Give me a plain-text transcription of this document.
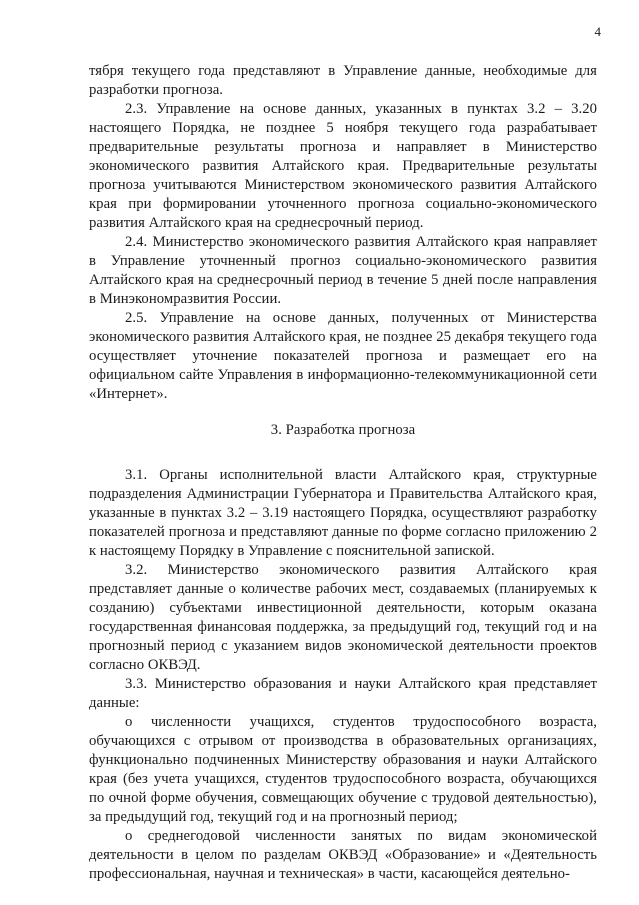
4

тября текущего года представляют в Управление данные, необходимые для разработки прогноза.

2.3. Управление на основе данных, указанных в пунктах 3.2 – 3.20 настоящего Порядка, не позднее 5 ноября текущего года разрабатывает предварительные результаты прогноза и направляет в Министерство экономического развития Алтайского края. Предварительные результаты прогноза учитываются Министерством экономического развития Алтайского края при формировании уточненного прогноза социально-экономического развития Алтайского края на среднесрочный период.

2.4. Министерство экономического развития Алтайского края направляет в Управление уточненный прогноз социально-экономического развития Алтайского края на среднесрочный период в течение 5 дней после направления в Минэкономразвития России.

2.5. Управление на основе данных, полученных от Министерства экономического развития Алтайского края, не позднее 25 декабря текущего года осуществляет уточнение показателей прогноза и размещает его на официальном сайте Управления в информационно-телекоммуникационной сети «Интернет».

3. Разработка прогноза

3.1. Органы исполнительной власти Алтайского края, структурные подразделения Администрации Губернатора и Правительства Алтайского края, указанные в пунктах 3.2 – 3.19 настоящего Порядка, осуществляют разработку показателей прогноза и представляют данные по форме согласно приложению 2 к настоящему Порядку в Управление с пояснительной запиской.

3.2. Министерство экономического развития Алтайского края представляет данные о количестве рабочих мест, создаваемых (планируемых к созданию) субъектами инвестиционной деятельности, которым оказана государственная финансовая поддержка, за предыдущий год, текущий год и на прогнозный период с указанием видов экономической деятельности проектов согласно ОКВЭД.

3.3. Министерство образования и науки Алтайского края представляет данные:

о численности учащихся, студентов трудоспособного возраста, обучающихся с отрывом от производства в образовательных организациях, функционально подчиненных Министерству образования и науки Алтайского края (без учета учащихся, студентов трудоспособного возраста, обучающихся по очной форме обучения, совмещающих обучение с трудовой деятельностью), за предыдущий год, текущий год и на прогнозный период;

о среднегодовой численности занятых по видам экономической деятельности в целом по разделам ОКВЭД «Образование» и «Деятельность профессиональная, научная и техническая» в части, касающейся деятельно-
